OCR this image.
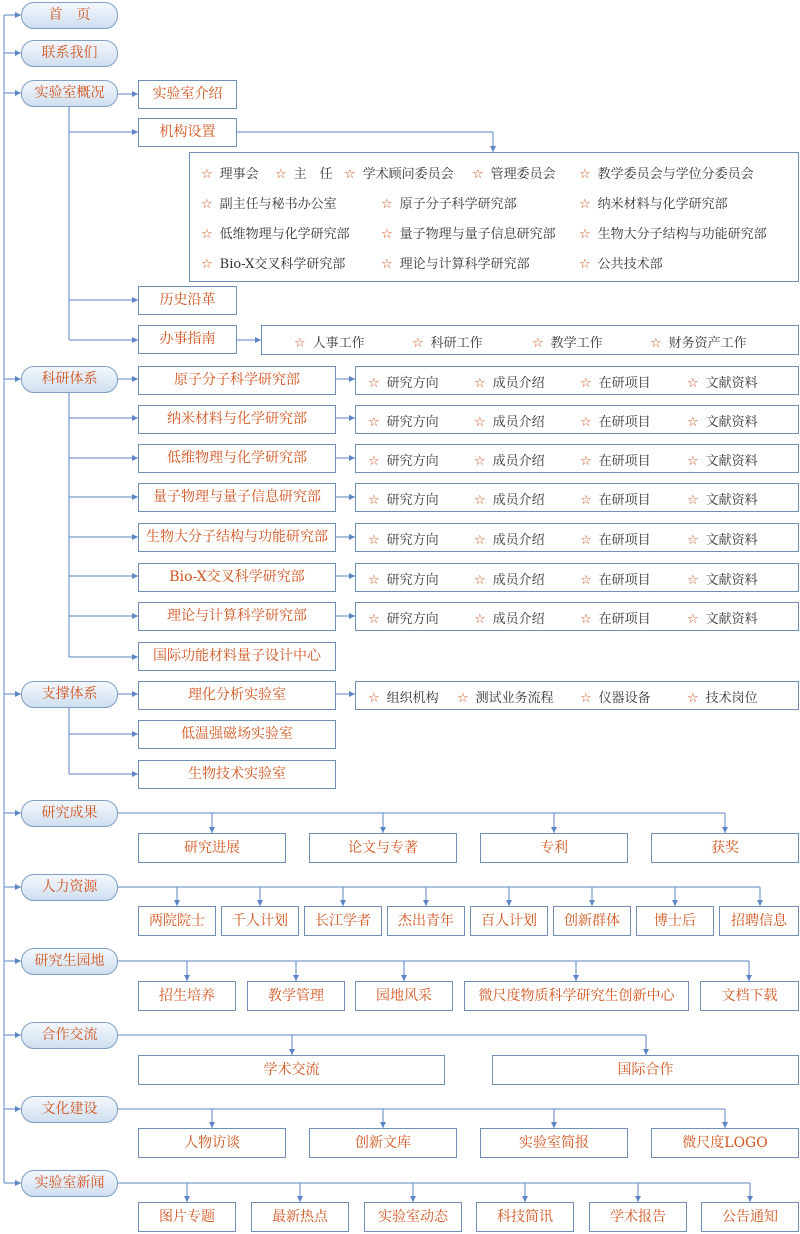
首　页
联系我们
实验室概况
科研体系
支撑体系
研究成果
人力资源
研究生园地
合作交流
文化建设
实验室新闻
实验室介绍
机构设置
☆ 理事会 ☆ 主　任 ☆ 学术顾问委员会 ☆ 管理委员会 ☆ 教学委员会与学位分委员会
☆ 副主任与秘书办公室	☆ 原子分子科学研究部	☆ 纳米材料与化学研究部
☆ 低维物理与化学研究部 ☆ 量子物理与量子信息研究部 ☆ 生物大分子结构与功能研究部
☆ Bio-X交叉科学研究部	☆ 理论与计算科学研究部	☆ 公共技术部
历史沿革
办事指南	☆ 人事工作	☆ 科研工作	☆ 教学工作	☆ 财务资产工作
原子分子科学研究部
纳米材料与化学研究部
低维物理与化学研究部
量子物理与量子信息研究部
生物大分子结构与功能研究部
Bio-X交叉科学研究部
理论与计算科学研究部
国际功能材料量子设计中心
☆ 研究方向	☆ 成员介绍	☆ 在研项目	☆ 文献资料
☆ 研究方向	☆ 成员介绍	☆ 在研项目	☆ 文献资料
☆ 研究方向	☆ 成员介绍	☆ 在研项目	☆ 文献资料
☆ 研究方向	☆ 成员介绍	☆ 在研项目	☆ 文献资料
☆ 研究方向	☆ 成员介绍	☆ 在研项目	☆ 文献资料
☆ 研究方向	☆ 成员介绍	☆ 在研项目	☆ 文献资料
☆ 研究方向	☆ 成员介绍	☆ 在研项目	☆ 文献资料
理化分析实验室
低温强磁场实验室
生物技术实验室
☆ 组织机构 ☆ 测试业务流程 ☆ 仪器设备	☆ 技术岗位
研究进展	论文与专著	专利	获奖
两院院士	千人计划	长江学者	杰出青年	百人计划	创新群体	博士后	招聘信息
招生培养	教学管理	园地风采	微尺度物质科学研究生创新中心	文档下载
学术交流	国际合作
人物访谈	创新文库	实验室简报	微尺度LOGO
图片专题	最新热点	实验室动态	科技简讯	学术报告	公告通知
